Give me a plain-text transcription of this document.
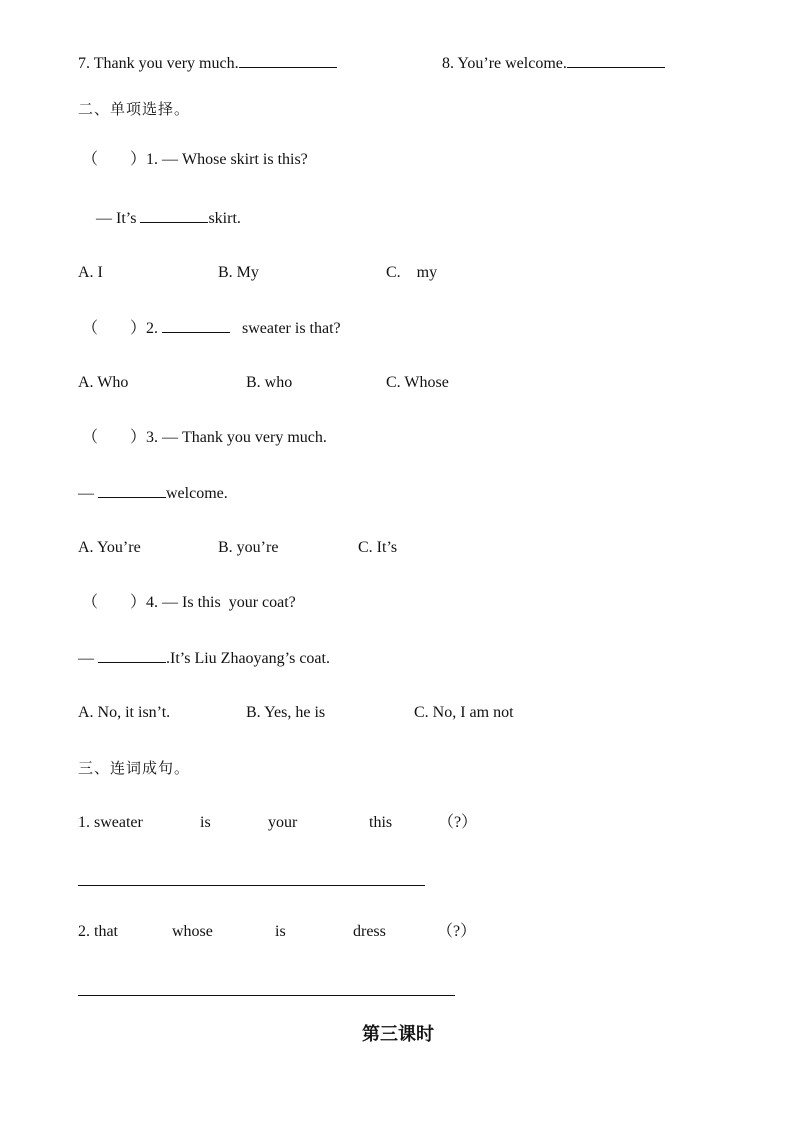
7. Thank you very much.	8. You’re welcome.
二、单项选择。
（　　）1. — Whose skirt is this?
— It’s	skirt.
A. I	B. My	C.    my
（　　）2.	sweater is that?
A. Who	B. who	C. Whose
（　　）3. — Thank you very much.
—	welcome.
A. You’re	B. you’re	C. It’s
（　　）4. — Is this  your coat?
—	.It’s Liu Zhaoyang’s coat.
A. No, it isn’t.	B. Yes, he is	C. No, I am not
三、连词成句。
1. sweater	is	your	this	（?）
2. that	whose	is	dress	（?）
第三课时
